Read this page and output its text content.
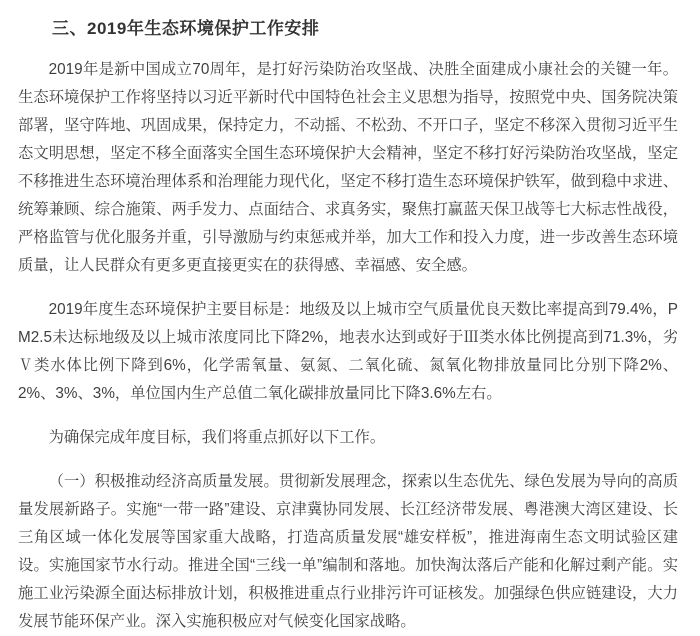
三、2019年生态环境保护工作安排

2019年是新中国成立70周年，是打好污染防治攻坚战、决胜全面建成小康社会的关键一年。生态环境保护工作将坚持以习近平新时代中国特色社会主义思想为指导，按照党中央、国务院决策部署，坚守阵地、巩固成果，保持定力，不动摇、不松劲、不开口子，坚定不移深入贯彻习近平生态文明思想，坚定不移全面落实全国生态环境保护大会精神，坚定不移打好污染防治攻坚战，坚定不移推进生态环境治理体系和治理能力现代化，坚定不移打造生态环境保护铁军，做到稳中求进、统筹兼顾、综合施策、两手发力、点面结合、求真务实，聚焦打赢蓝天保卫战等七大标志性战役，严格监管与优化服务并重，引导激励与约束惩戒并举，加大工作和投入力度，进一步改善生态环境质量，让人民群众有更多更直接更实在的获得感、幸福感、安全感。

2019年度生态环境保护主要目标是：地级及以上城市空气质量优良天数比率提高到79.4%，PM2.5未达标地级及以上城市浓度同比下降2%，地表水达到或好于Ⅲ类水体比例提高到71.3%，劣Ⅴ类水体比例下降到6%，化学需氧量、氨氮、二氧化硫、氮氧化物排放量同比分别下降2%、2%、3%、3%，单位国内生产总值二氧化碳排放量同比下降3.6%左右。

为确保完成年度目标，我们将重点抓好以下工作。

（一）积极推动经济高质量发展。贯彻新发展理念，探索以生态优先、绿色发展为导向的高质量发展新路子。实施“一带一路”建设、京津冀协同发展、长江经济带发展、粤港澳大湾区建设、长三角区域一体化发展等国家重大战略，打造高质量发展“雄安样板”，推进海南生态文明试验区建设。实施国家节水行动。推进全国“三线一单”编制和落地。加快淘汰落后产能和化解过剩产能。实施工业污染源全面达标排放计划，积极推进重点行业排污许可证核发。加强绿色供应链建设，大力发展节能环保产业。深入实施积极应对气候变化国家战略。
